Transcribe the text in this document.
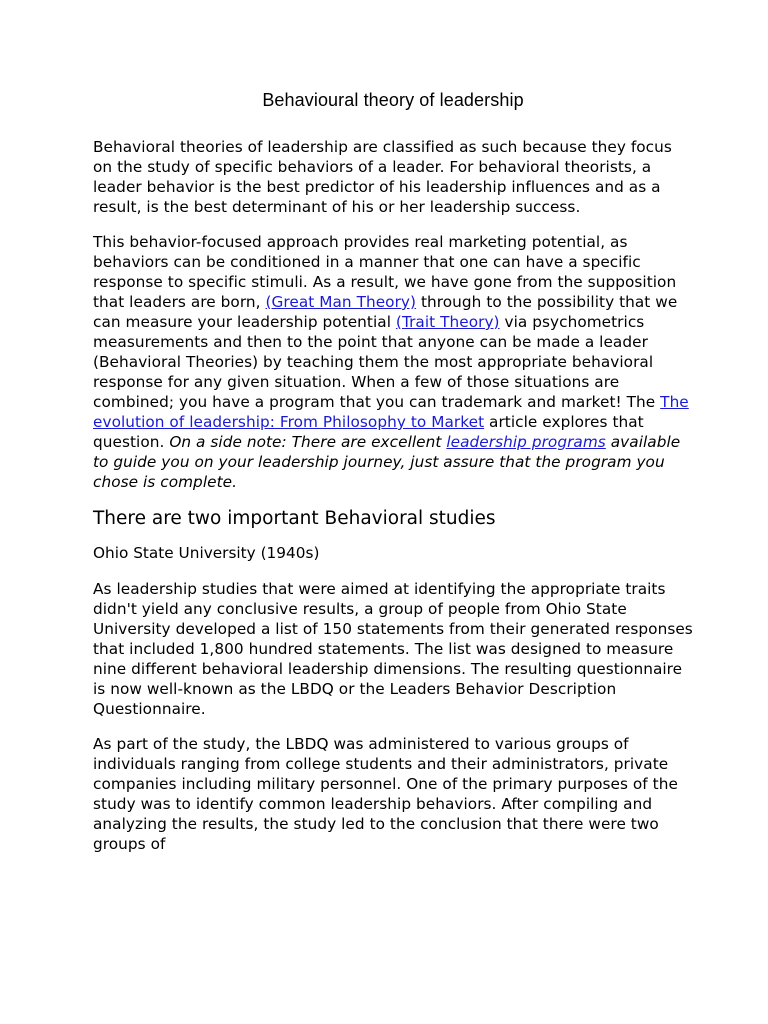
Behavioural theory of leadership

Behavioral theories of leadership are classified as such because they focus on the study of specific behaviors of a leader. For behavioral theorists, a leader behavior is the best predictor of his leadership influences and as a result, is the best determinant of his or her leadership success.

This behavior-focused approach provides real marketing potential, as behaviors can be conditioned in a manner that one can have a specific response to specific stimuli. As a result, we have gone from the supposition that leaders are born, (Great Man Theory) through to the possibility that we can measure your leadership potential (Trait Theory) via psychometrics measurements and then to the point that anyone can be made a leader (Behavioral Theories) by teaching them the most appropriate behavioral response for any given situation. When a few of those situations are combined; you have a program that you can trademark and market! The The evolution of leadership: From Philosophy to Market article explores that question. On a side note: There are excellent leadership programs available to guide you on your leadership journey, just assure that the program you chose is complete.

There are two important Behavioral studies
Ohio State University (1940s)

As leadership studies that were aimed at identifying the appropriate traits didn't yield any conclusive results, a group of people from Ohio State University developed a list of 150 statements from their generated responses that included 1,800 hundred statements. The list was designed to measure nine different behavioral leadership dimensions. The resulting questionnaire is now well-known as the LBDQ or the Leaders Behavior Description Questionnaire.

As part of the study, the LBDQ was administered to various groups of individuals ranging from college students and their administrators, private companies including military personnel. One of the primary purposes of the study was to identify common leadership behaviors. After compiling and analyzing the results, the study led to the conclusion that there were two groups of
